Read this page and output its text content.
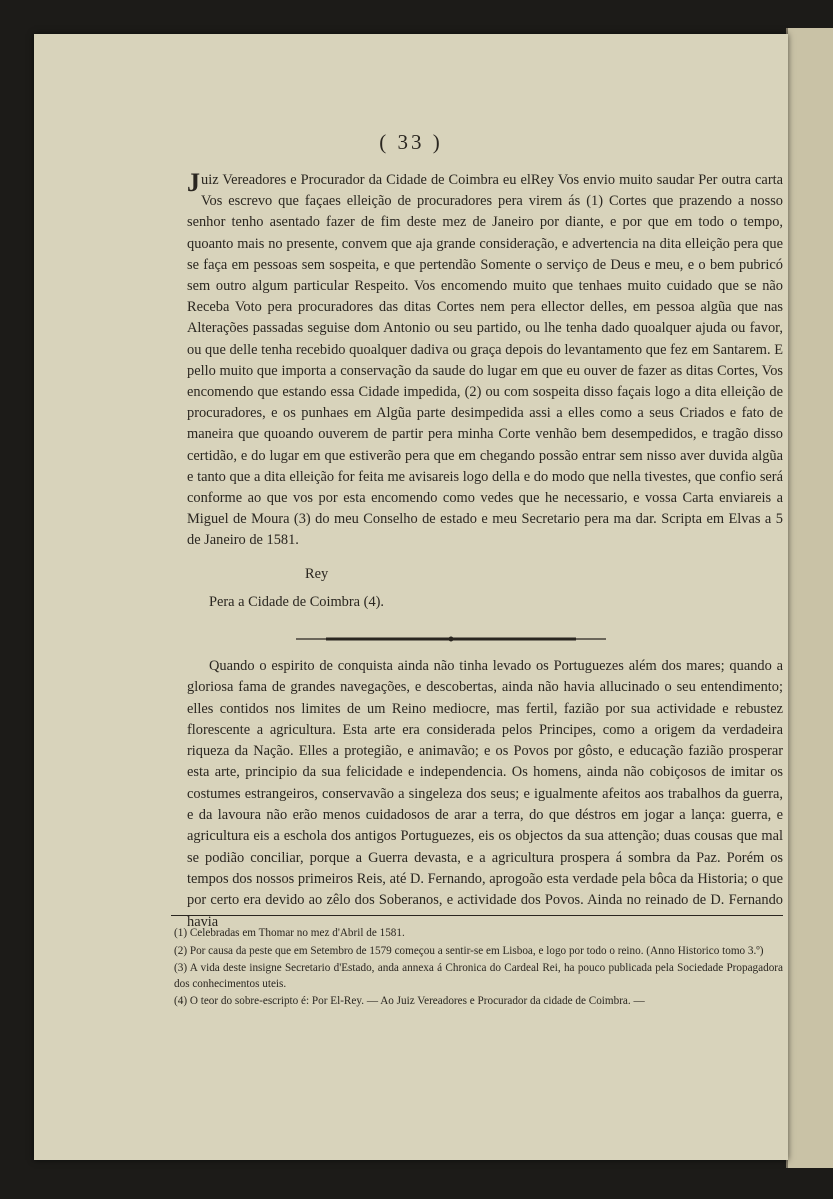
( 33 )

Juiz Vereadores e Procurador da Cidade de Coimbra eu elRey Vos envio muito saudar Per outra carta Vos escrevo que façaes elleição de procuradores pera virem ás (1) Cortes que prazendo a nosso senhor tenho asentado fazer de fim deste mez de Janeiro por diante, e por que em todo o tempo, quoanto mais no presente, convem que aja grande consideração, e advertencia na dita elleição pera que se faça em pessoas sem sospeita, e que pertendão Somente o serviço de Deus e meu, e o bem pubricó sem outro algum particular Respeito. Vos encomendo muito que tenhaes muito cuidado que se não Receba Voto pera procuradores das ditas Cortes nem pera ellector delles, em pessoa algũa que nas Alterações passadas seguise dom Antonio ou seu partido, ou lhe tenha dado quoalquer ajuda ou favor, ou que delle tenha recebido quoalquer dadiva ou graça depois do levantamento que fez em Santarem. E pello muito que importa a conservação da saude do lugar em que eu ouver de fazer as ditas Cortes, Vos encomendo que estando essa Cidade impedida, (2) ou com sospeita disso façais logo a dita elleição de procuradores, e os punhaes em Algũa parte desimpedida assi a elles como a seus Criados e fato de maneira que quoando ouverem de partir pera minha Corte venhão bem desempedidos, e tragão disso certidão, e do lugar em que estiverão pera que em chegando possão entrar sem nisso aver duvida algũa e tanto que a dita elleição for feita me avisareis logo della e do modo que nella tivestes, que confio será conforme ao que vos por esta encomendo como vedes que he necessario, e vossa Carta enviareis a Miguel de Moura (3) do meu Conselho de estado e meu Secretario pera ma dar. Scripta em Elvas a 5 de Janeiro de 1581.

Rey
Pera a Cidade de Coimbra (4).

Quando o espirito de conquista ainda não tinha levado os Portuguezes além dos mares; quando a gloriosa fama de grandes navegações, e descobertas, ainda não havia allucinado o seu entendimento; elles contidos nos limites de um Reino mediocre, mas fertil, fazião por sua actividade e rebustez florescente a agricultura. Esta arte era considerada pelos Principes, como a origem da verdadeira riqueza da Nação. Elles a protegião, e animavão; e os Povos por gôsto, e educação fazião prosperar esta arte, principio da sua felicidade e independencia. Os homens, ainda não cobiçosos de imitar os costumes estrangeiros, conservavão a singeleza dos seus; e igualmente afeitos aos trabalhos da guerra, e da lavoura não erão menos cuidadosos de arar a terra, do que déstros em jogar a lança: guerra, e agricultura eis a eschola dos antigos Portuguezes, eis os objectos da sua attenção; duas cousas que mal se podião conciliar, porque a Guerra devasta, e a agricultura prospera á sombra da Paz. Porém os tempos dos nossos primeiros Reis, até D. Fernando, aprogoão esta verdade pela bôca da Historia; o que por certo era devido ao zêlo dos Soberanos, e actividade dos Povos. Ainda no reinado de D. Fernando havia

(1) Celebradas em Thomar no mez d'Abril de 1581.

(2) Por causa da peste que em Setembro de 1579 começou a sentir-se em Lisboa, e logo por todo o reino. (Anno Historico tomo 3.º)

(3) A vida deste insigne Secretario d'Estado, anda annexa á Chronica do Cardeal Rei, ha pouco publicada pela Sociedade Propagadora dos conhecimentos uteis.

(4) O teor do sobre-escripto é: Por El-Rey. — Ao Juiz Vereadores e Procurador da cidade de Coimbra. —
